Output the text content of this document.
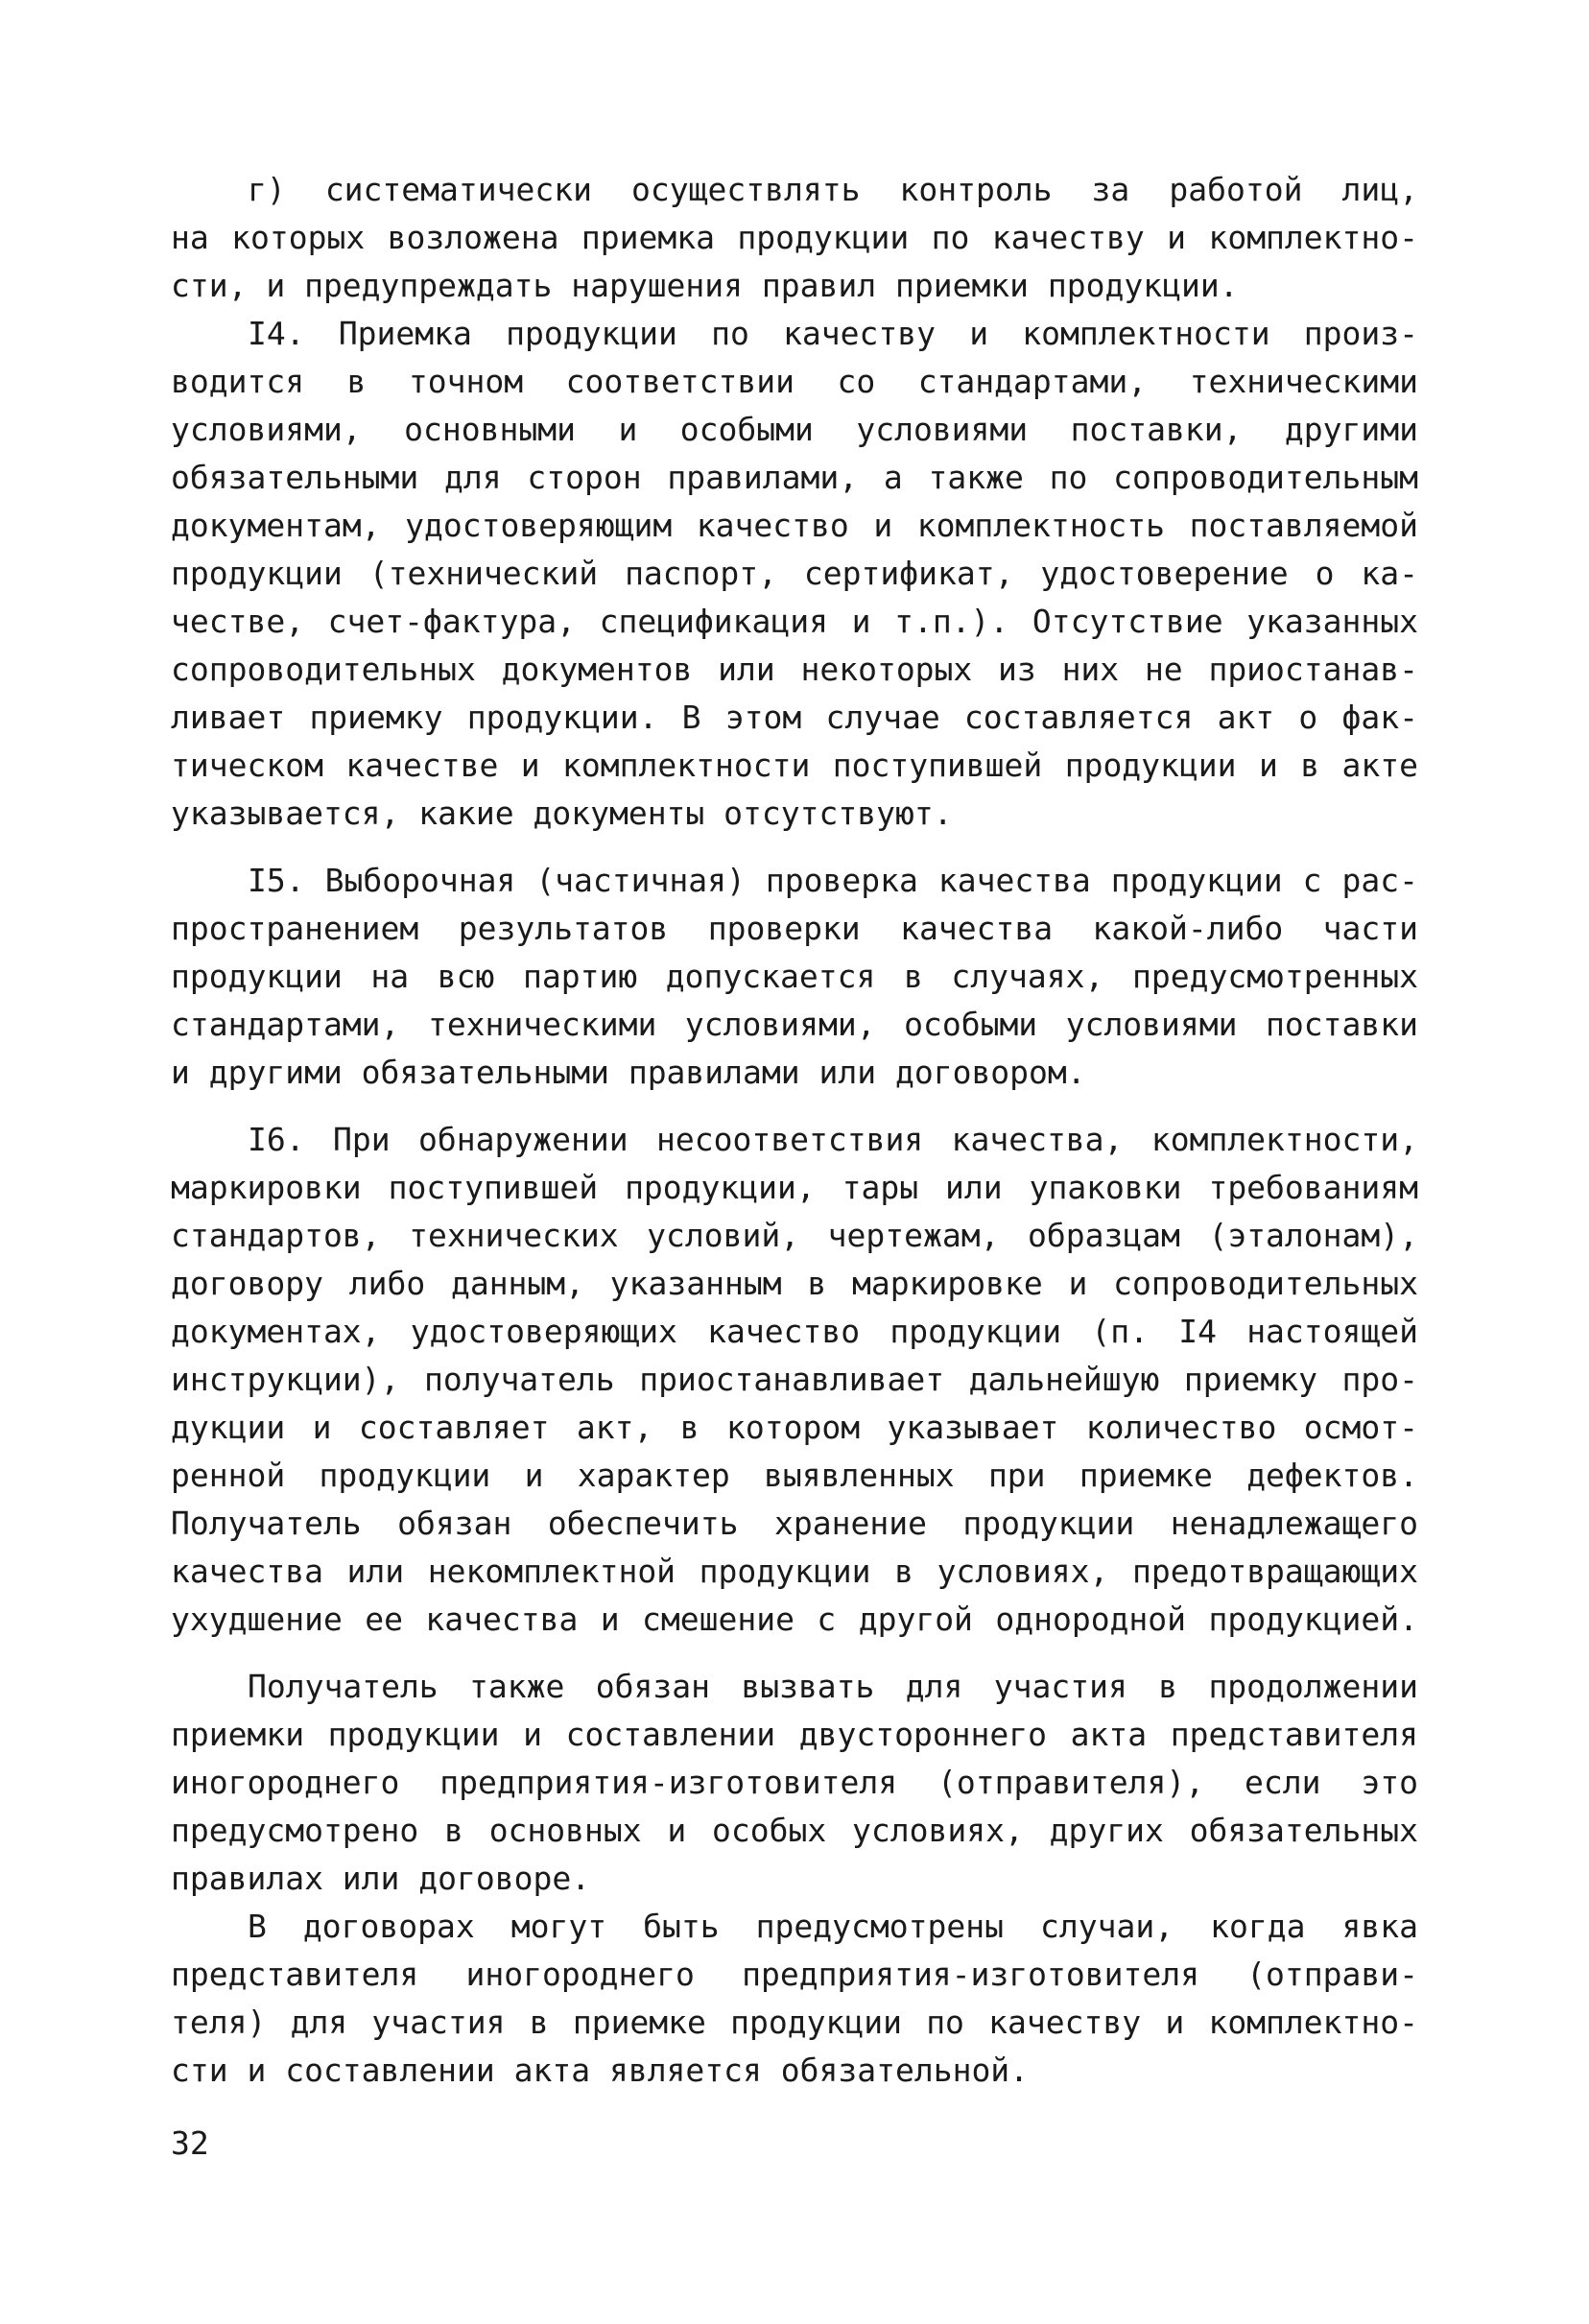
г) систематически осуществлять контроль за работой лиц,

на которых возложена приемка продукции по качеству и комплектно-

сти, и предупреждать нарушения правил приемки продукции.

I4. Приемка продукции по качеству и комплектности произ-

водится в точном соответствии со стандартами, техническими

условиями, основными и особыми условиями поставки, другими

обязательными для сторон правилами, а также по сопроводительным

документам, удостоверяющим качество и комплектность поставляемой

продукции (технический паспорт, сертификат, удостоверение о ка-

честве, счет-фактура, спецификация и т.п.). Отсутствие указанных

сопроводительных документов или некоторых из них не приостанав-

ливает приемку продукции. В этом случае составляется акт о фак-

тическом качестве и комплектности поступившей продукции и в акте

указывается, какие документы отсутствуют.

I5. Выборочная (частичная) проверка качества продукции с рас-

пространением результатов проверки качества какой-либо части

продукции на всю партию допускается в случаях, предусмотренных

стандартами, техническими условиями, особыми условиями поставки

и другими обязательными правилами или договором.

I6. При обнаружении несоответствия качества, комплектности,

маркировки поступившей продукции, тары или упаковки требованиям

стандартов, технических условий, чертежам, образцам (эталонам),

договору либо данным, указанным в маркировке и сопроводительных

документах, удостоверяющих качество продукции (п. I4 настоящей

инструкции), получатель приостанавливает дальнейшую приемку про-

дукции и составляет акт, в котором указывает количество осмот-

ренной продукции и характер выявленных при приемке дефектов.

Получатель обязан обеспечить хранение продукции ненадлежащего

качества или некомплектной продукции в условиях, предотвращающих

ухудшение ее качества и смешение с другой однородной продукцией.

Получатель также обязан вызвать для участия в продолжении

приемки продукции и составлении двустороннего акта представителя

иногороднего предприятия-изготовителя (отправителя), если это

предусмотрено в основных и особых условиях, других обязательных

правилах или договоре.

В договорах могут быть предусмотрены случаи, когда явка

представителя иногороднего предприятия-изготовителя (отправи-

теля) для участия в приемке продукции по качеству и комплектно-

сти и составлении акта является обязательной.

32
